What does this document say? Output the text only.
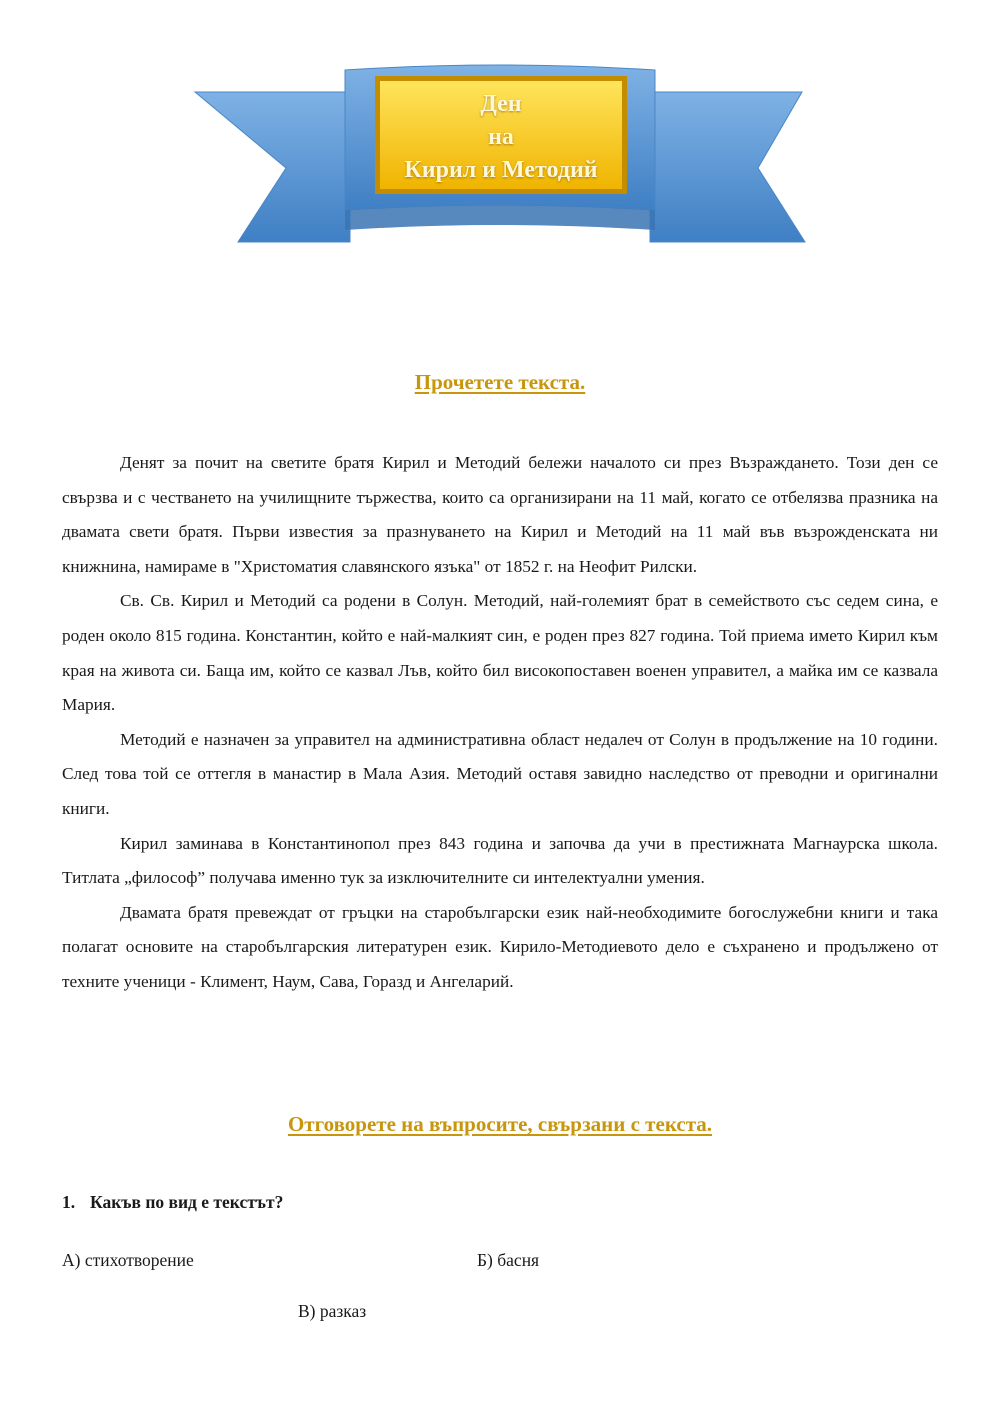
Ден
на
Кирил и Методий
Прочетете текста.

Денят за почит на светите братя Кирил и Методий бележи началото си през Възраждането. Този ден се свързва и с честването на училищните тържества, които са организирани на 11 май, когато се отбелязва празника на двамата свети братя. Първи известия за празнуването на Кирил и Методий на 11 май във възрожденската ни книжнина, намираме в "Христоматия славянского язъка" от 1852 г. на Неофит Рилски.

Св. Св. Кирил и Методий са родени в Солун. Методий, най-големият брат в семейството със седем сина, е роден около 815 година. Константин, който е най-малкият син, е роден през 827 година. Той приема името Кирил към края на живота си. Баща им, който се казвал Лъв, който бил високопоставен военен управител, а майка им се казвала Мария.

Методий е назначен за управител на административна област недалеч от Солун в продължение на 10 години. След това той се оттегля в манастир в Мала Азия. Методий оставя завидно наследство от преводни и оригинални книги.

Кирил заминава в Константинопол през 843 година и започва да учи в престижната Магнаурска школа. Титлата „философ” получава именно тук за изключителните си интелектуални умения.

Двамата братя превеждат от гръцки на старобългарски език най-необходимите богослужебни книги и така полагат основите на старобългарския литературен език. Кирило-Методиевото дело е съхранено и продължено от техните ученици - Климент, Наум, Сава, Горазд и Ангеларий.

Отговорете на въпросите, свързани с текста.
1. Какъв по вид е текстът?
А) стихотворение	Б) басня
В) разказ
